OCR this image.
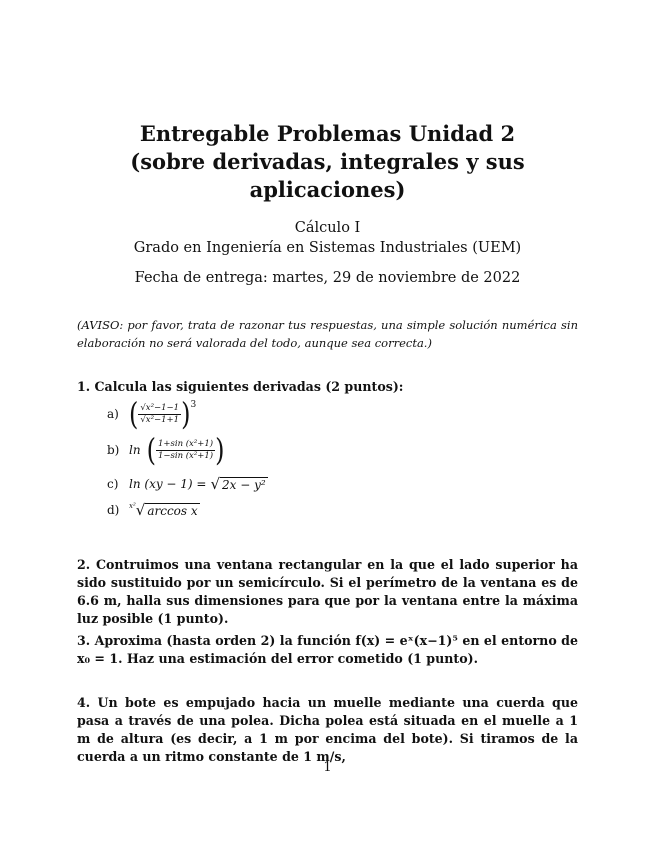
Entregable Problemas Unidad 2
(sobre derivadas, integrales y sus
aplicaciones)
Cálculo I
Grado en Ingeniería en Sistemas Industriales (UEM)
Fecha de entrega: martes, 29 de noviembre de 2022
(AVISO: por favor, trata de razonar tus respuestas, una simple solución numérica sin elaboración no será valorada del todo, aunque sea correcta.)
1. Calcula las siguientes derivadas (2 puntos):
a) ( $\frac{\text{√x²−1−1}}{\text{√x²−1+1}}$ ) 3
b) ln ( $\frac{\text{1+sin (x²+1)}}{\text{1−sin (x²+1)}}$ )
c) ln (xy − 1) = √ 2x − y²
d)	x² √ arccos x
2. Contruimos una ventana rectangular en la que el lado superior ha sido sustituido por un semicírculo. Si el perímetro de la ventana es de 6.6 m, halla sus dimensiones para que por la ventana entre la máxima luz posible (1 punto).
3. Aproxima (hasta orden 2) la función f(x) = eˣ(x−1)⁵ en el entorno de x₀ = 1. Haz una estimación del error cometido (1 punto).
4. Un bote es empujado hacia un muelle mediante una cuerda que pasa a través de una polea. Dicha polea está situada en el muelle a 1 m de altura (es decir, a 1 m por encima del bote). Si tiramos de la cuerda a un ritmo constante de 1 m/s,
1
